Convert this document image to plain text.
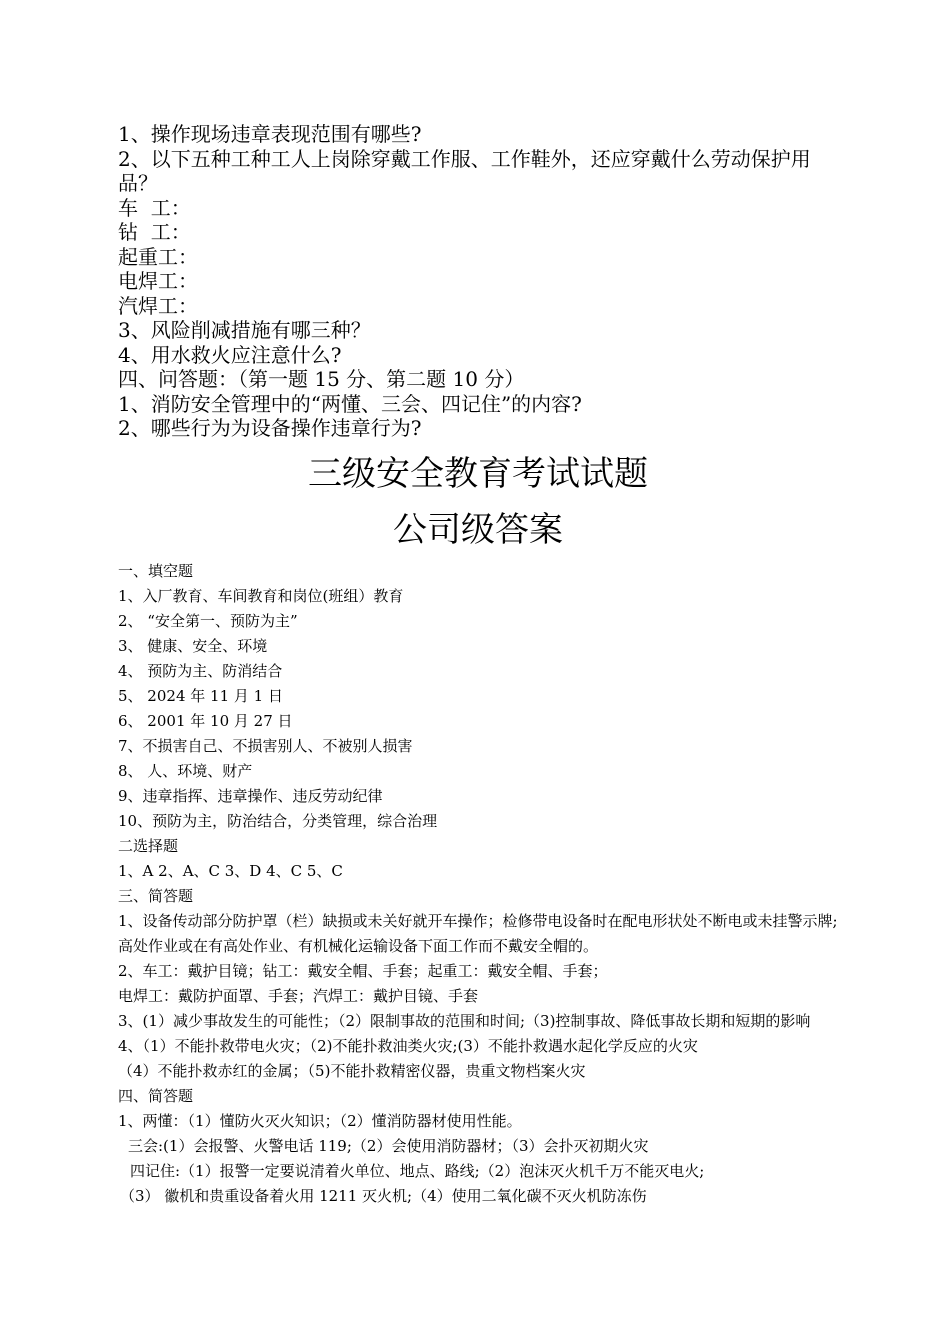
1、操作现场违章表现范围有哪些?

2、以下五种工种工人上岗除穿戴工作服、工作鞋外，还应穿戴什么劳动保护用品？

车  工：

钻  工：

起重工：

电焊工：

汽焊工：

3、风险削减措施有哪三种？

4、用水救火应注意什么?

四、问答题：（第一题 15 分、第二题 10 分）

1、消防安全管理中的“两懂、三会、四记住”的内容?

2、哪些行为为设备操作违章行为?

三级安全教育考试试题
公司级答案

一、填空题

1、入厂教育、车间教育和岗位(班组）教育

2、 “安全第一、预防为主”

3、 健康、安全、环境

4、 预防为主、防消结合

5、 2024 年 11 月 1 日

6、 2001 年 10 月 27 日

7、不损害自己、不损害别人、不被别人损害

8、 人、环境、财产

9、违章指挥、违章操作、违反劳动纪律

10、预防为主，防治结合，分类管理，综合治理

二选择题

1、A 2、A、C 3、D 4、C 5、C

三、简答题

1、设备传动部分防护罩（栏）缺损或未关好就开车操作；检修带电设备时在配电形状处不断电或未挂警示牌;高处作业或在有高处作业、有机械化运输设备下面工作而不戴安全帽的。

2、车工：戴护目镜；钻工：戴安全帽、手套；起重工：戴安全帽、手套；

电焊工：戴防护面罩、手套；汽焊工：戴护目镜、手套

3、(1）减少事故发生的可能性；（2）限制事故的范围和时间;（3)控制事故、降低事故长期和短期的影响

4、（1）不能扑救带电火灾；（2)不能扑救油类火灾;(3）不能扑救遇水起化学反应的火灾

（4）不能扑救赤红的金属；（5)不能扑救精密仪器，贵重文物档案火灾

四、简答题

1、两懂：（1）懂防火灭火知识；（2）懂消防器材使用性能。

三会:(1）会报警、火警电话 119;（2）会使用消防器材；（3）会扑灭初期火灾

四记住:（1）报警一定要说清着火单位、地点、路线;（2）泡沫灭火机千万不能灭电火;

（3） 徽机和贵重设备着火用 1211 灭火机;（4）使用二氧化碳不灭火机防冻伤
